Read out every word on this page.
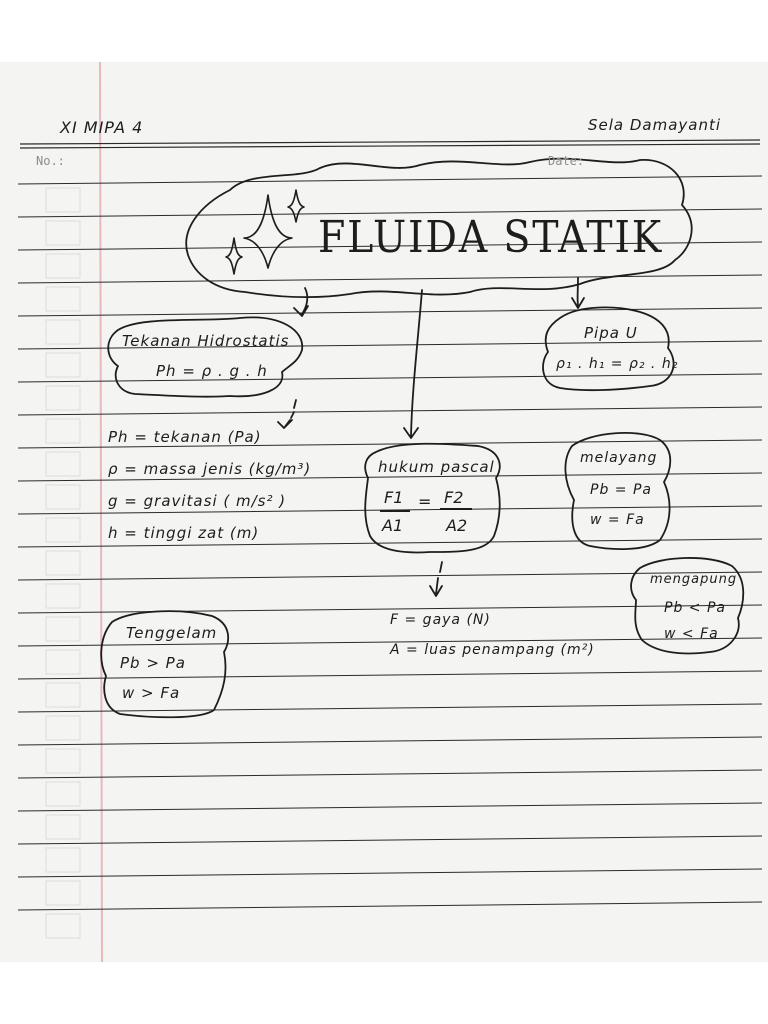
XI MIPA 4	Sela Damayanti
No.:	Date:
FLUIDA STATIK
Tekanan Hidrostatis
Ph = ρ . g . h
Ph = tekanan (Pa)
ρ = massa jenis (kg/m³)
g = gravitasi ( m/s² )
h = tinggi zat (m)
hukum pascal
F1 = F2
A1	A2
F = gaya (N)
A = luas penampang (m²)
Pipa U
ρ₁ . h₁ = ρ₂ . h₂
melayang
Pb = Pa
w = Fa
mengapung
Pb < Pa
w < Fa
Tenggelam
Pb > Pa
w > Fa
